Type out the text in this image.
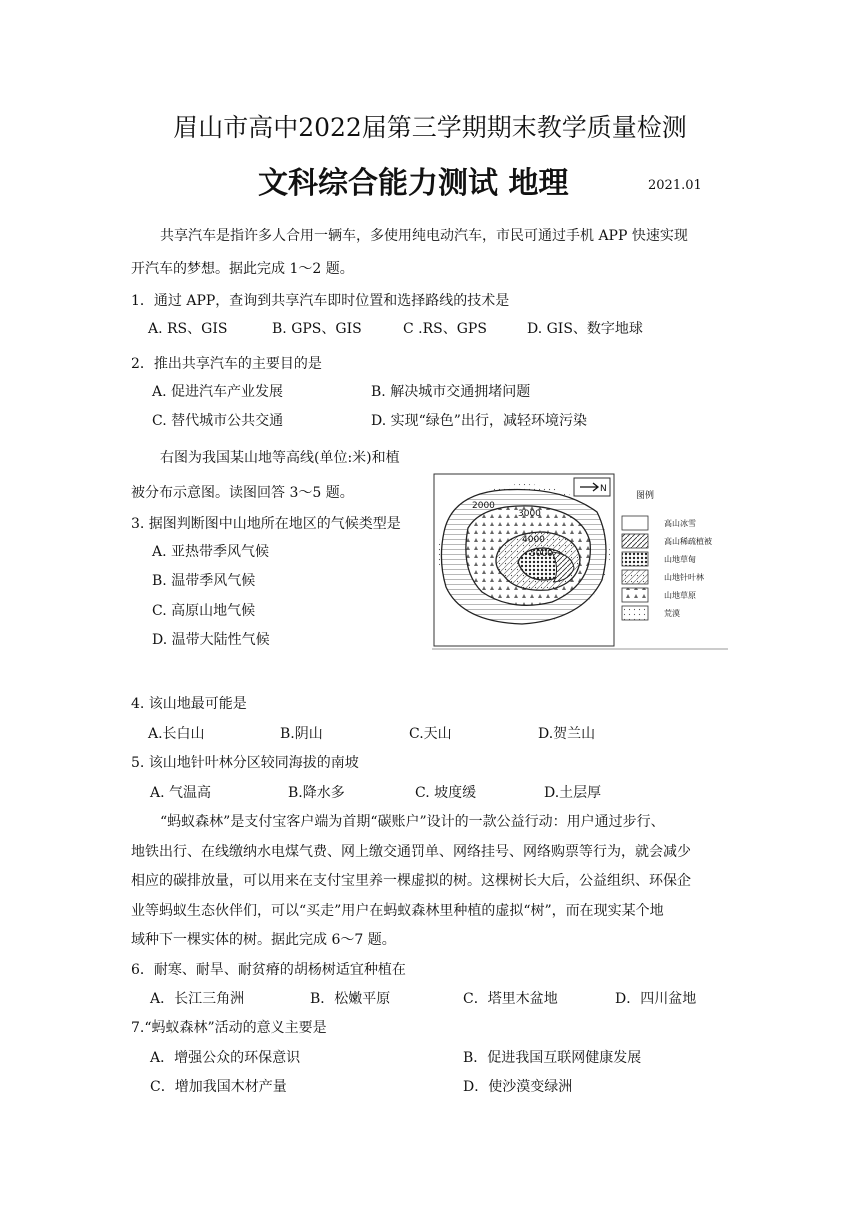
眉山市高中2022届第三学期期末教学质量检测
文科综合能力测试 地理	2021.01
共享汽车是指许多人合用一辆车，多使用纯电动汽车，市民可通过手机 APP 快速实现
开汽车的梦想。据此完成 1～2 题。
1．通过 APP，查询到共享汽车即时位置和选择路线的技术是
A. RS、GIS	B. GPS、GIS	C .RS、GPS	D. GIS、数字地球
2．推出共享汽车的主要目的是
A. 促进汽车产业发展	B. 解决城市交通拥堵问题
C. 替代城市公共交通	D. 实现“绿色”出行，减轻环境污染
右图为我国某山地等高线(单位:米)和植
被分布示意图。读图回答 3～5 题。
3. 据图判断图中山地所在地区的气候类型是
A. 亚热带季风气候
B. 温带季风气候
C. 高原山地气候
D. 温带大陆性气候
2000
3000
4000
5000
N
图例
高山冰雪
高山稀疏植被
山地草甸
山地针叶林
山地草原
荒漠
4. 该山地最可能是
A.长白山	B.阴山	C.天山	D.贺兰山
5. 该山地针叶林分区较同海拔的南坡
A. 气温高	B.降水多	C. 坡度缓	D.土层厚
“蚂蚁森林”是支付宝客户端为首期“碳账户”设计的一款公益行动：用户通过步行、
地铁出行、在线缴纳水电煤气费、网上缴交通罚单、网络挂号、网络购票等行为，就会减少
相应的碳排放量，可以用来在支付宝里养一棵虚拟的树。这棵树长大后，公益组织、环保企
业等蚂蚁生态伙伴们，可以“买走”用户在蚂蚁森林里种植的虚拟“树”，而在现实某个地
域种下一棵实体的树。据此完成 6～7 题。
6．耐寒、耐旱、耐贫瘠的胡杨树适宜种植在
A．长江三角洲	B．松嫩平原	C．塔里木盆地	D．四川盆地
7.“蚂蚁森林”活动的意义主要是
A．增强公众的环保意识	B．促进我国互联网健康发展
C．增加我国木材产量	D．使沙漠变绿洲
